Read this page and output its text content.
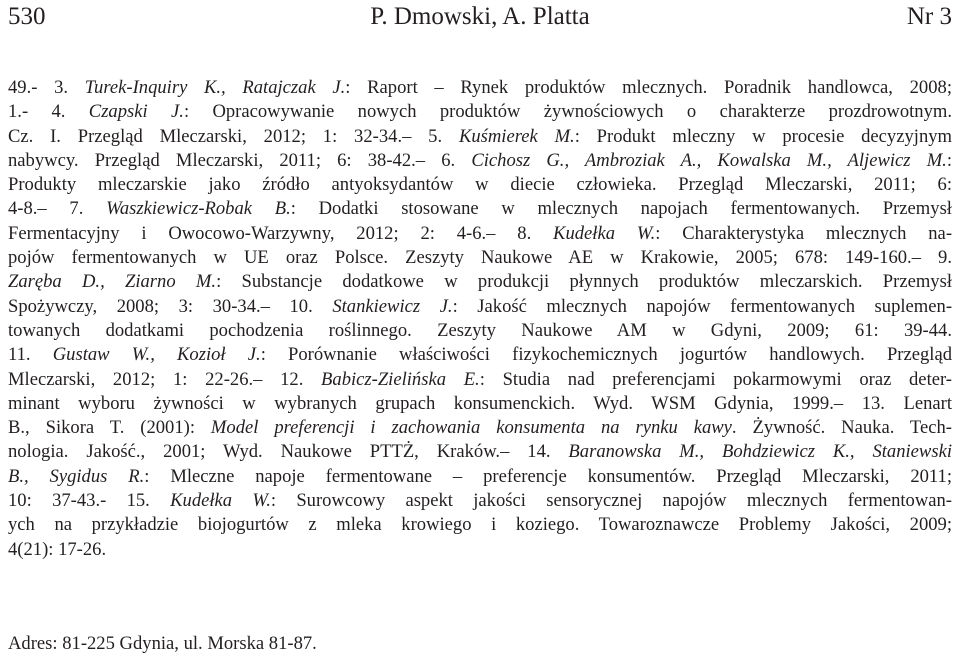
530	P. Dmowski, A. Platta	Nr 3
49.- 3. Turek-Inquiry K., Ratajczak J.: Raport – Rynek produktów mlecznych. Poradnik handlowca, 2008;
1.- 4. Czapski J.: Opracowywanie nowych produktów żywnościowych o charakterze prozdrowotnym.
Cz. I. Przegląd Mleczarski, 2012; 1: 32-34.– 5. Kuśmierek M.: Produkt mleczny w procesie decyzyjnym
nabywcy. Przegląd Mleczarski, 2011; 6: 38-42.– 6. Cichosz G., Ambroziak A., Kowalska M., Aljewicz M.:
Produkty mleczarskie jako źródło antyoksydantów w diecie człowieka. Przegląd Mleczarski, 2011; 6:
4-8.– 7. Waszkiewicz-Robak B.: Dodatki stosowane w mlecznych napojach fermentowanych. Przemysł
Fermentacyjny i Owocowo-Warzywny, 2012; 2: 4-6.– 8. Kudełka W.: Charakterystyka mlecznych na-
pojów fermentowanych w UE oraz Polsce. Zeszyty Naukowe AE w Krakowie, 2005; 678: 149-160.– 9.
Zaręba D., Ziarno M.: Substancje dodatkowe w produkcji płynnych produktów mleczarskich. Przemysł
Spożywczy, 2008; 3: 30-34.– 10. Stankiewicz J.: Jakość mlecznych napojów fermentowanych suplemen-
towanych dodatkami pochodzenia roślinnego. Zeszyty Naukowe AM w Gdyni, 2009; 61: 39-44.
11. Gustaw W., Kozioł J.: Porównanie właściwości fizykochemicznych jogurtów handlowych. Przegląd
Mleczarski, 2012; 1: 22-26.– 12. Babicz-Zielińska E.: Studia nad preferencjami pokarmowymi oraz deter-
minant wyboru żywności w wybranych grupach konsumenckich. Wyd. WSM Gdynia, 1999.– 13. Lenart
B., Sikora T. (2001): Model preferencji i zachowania konsumenta na rynku kawy. Żywność. Nauka. Tech-
nologia. Jakość., 2001; Wyd. Naukowe PTTŻ, Kraków.– 14. Baranowska M., Bohdziewicz K., Staniewski
B., Sygidus R.: Mleczne napoje fermentowane – preferencje konsumentów. Przegląd Mleczarski, 2011;
10: 37-43.- 15. Kudełka W.: Surowcowy aspekt jakości sensorycznej napojów mlecznych fermentowan-
ych na przykładzie biojogurtów z mleka krowiego i koziego. Towaroznawcze Problemy Jakości, 2009;
4(21): 17-26.
Adres: 81-225 Gdynia, ul. Morska 81-87.
